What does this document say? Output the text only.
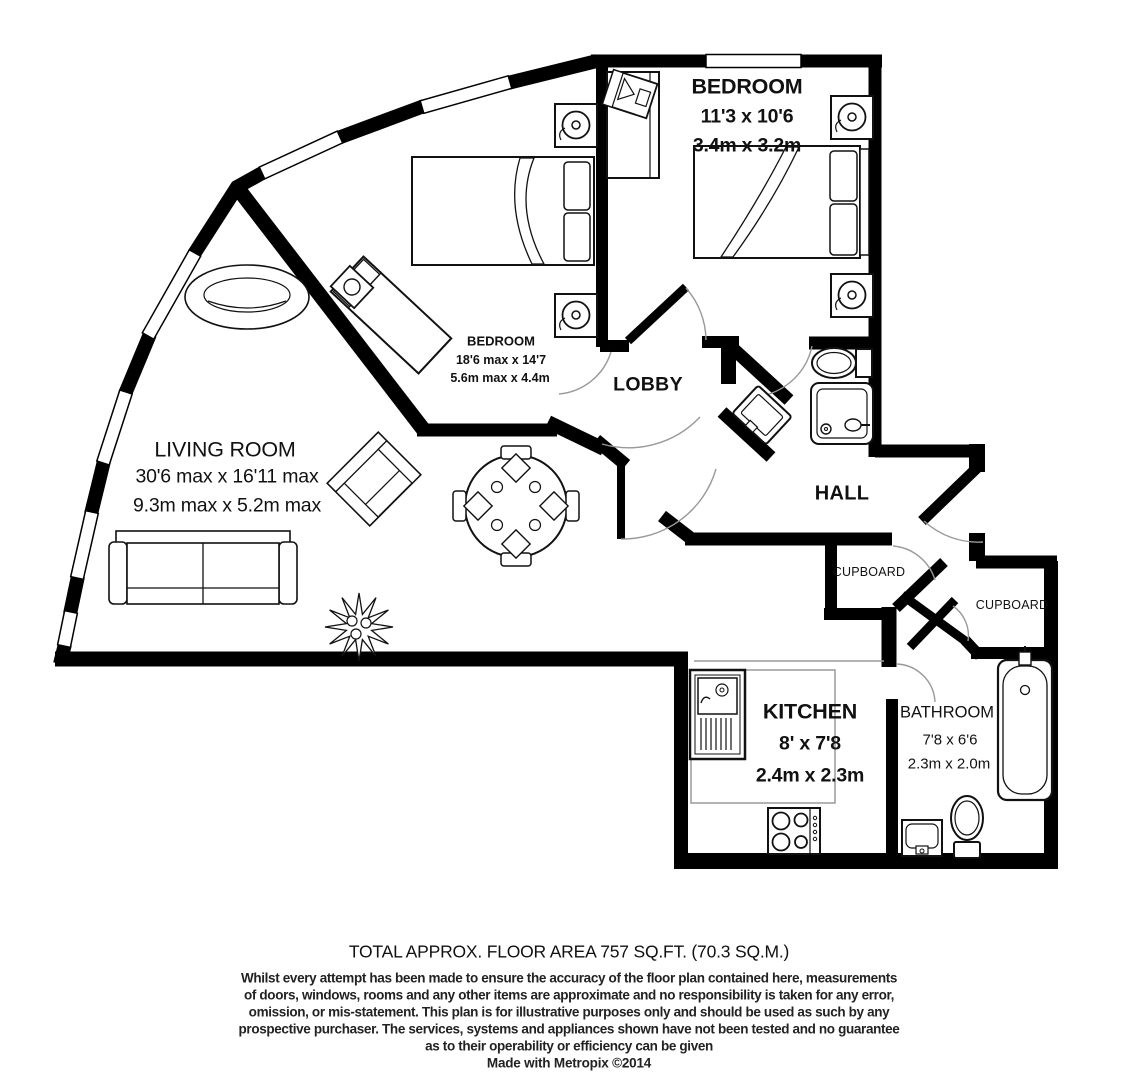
BEDROOM
11'3 x 10'6
3.4m x 3.2m
BEDROOM
18'6 max x 14'7
5.6m max x 4.4m
LIVING ROOM
30'6 max x 16'11 max
9.3m max x 5.2m max
LOBBY
HALL
CUPBOARD
CUPBOARD
KITCHEN
8' x 7'8
2.4m x 2.3m
BATHROOM
7'8 x 6'6
2.3m x 2.0m
TOTAL APPROX. FLOOR AREA 757 SQ.FT. (70.3 SQ.M.)
Whilst every attempt has been made to ensure the accuracy of the floor plan contained here, measurements
of doors, windows, rooms and any other items are approximate and no responsibility is taken for any error,
omission, or mis-statement. This plan is for illustrative purposes only and should be used as such by any
prospective purchaser. The services, systems and appliances shown have not been tested and no guarantee
as to their operability or efficiency can be given
Made with Metropix ©2014
